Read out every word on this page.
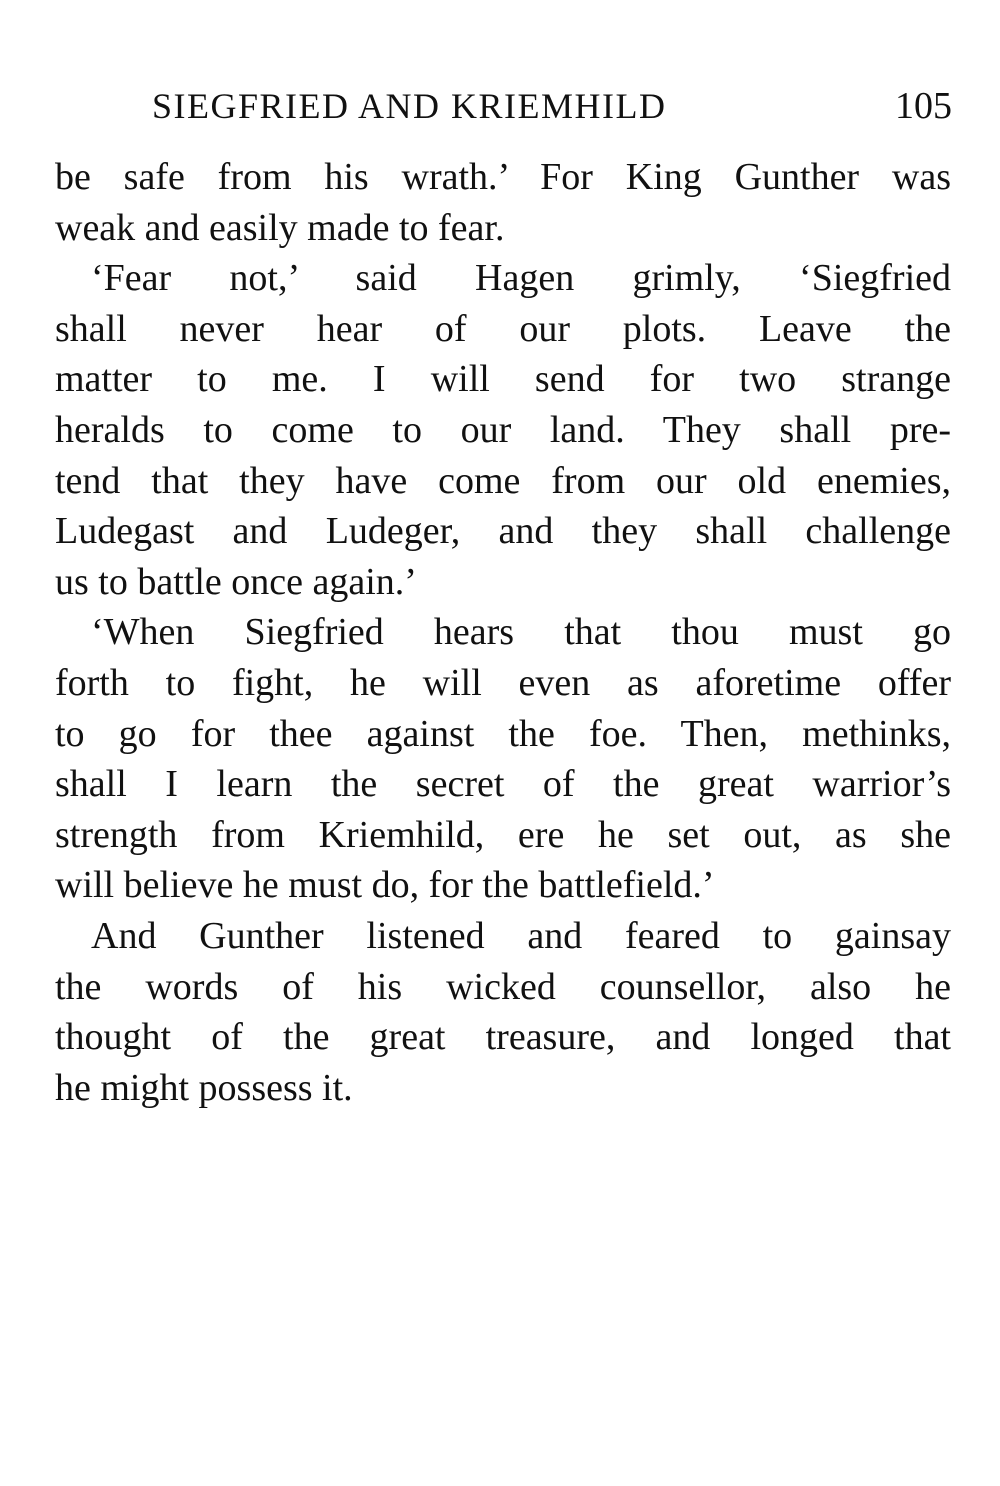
SIEGFRIED AND KRIEMHILD	105
be safe from his wrath.’ For King Gunther was
weak and easily made to fear.
‘Fear not,’ said Hagen grimly, ‘Siegfried
shall never hear of our plots. Leave the
matter to me. I will send for two strange
heralds to come to our land. They shall pre-
tend that they have come from our old enemies,
Ludegast and Ludeger, and they shall challenge
us to battle once again.’
‘When Siegfried hears that thou must go
forth to fight, he will even as aforetime offer
to go for thee against the foe. Then, methinks,
shall I learn the secret of the great warrior’s
strength from Kriemhild, ere he set out, as she
will believe he must do, for the battlefield.’
And Gunther listened and feared to gainsay
the words of his wicked counsellor, also he
thought of the great treasure, and longed that
he might possess it.
